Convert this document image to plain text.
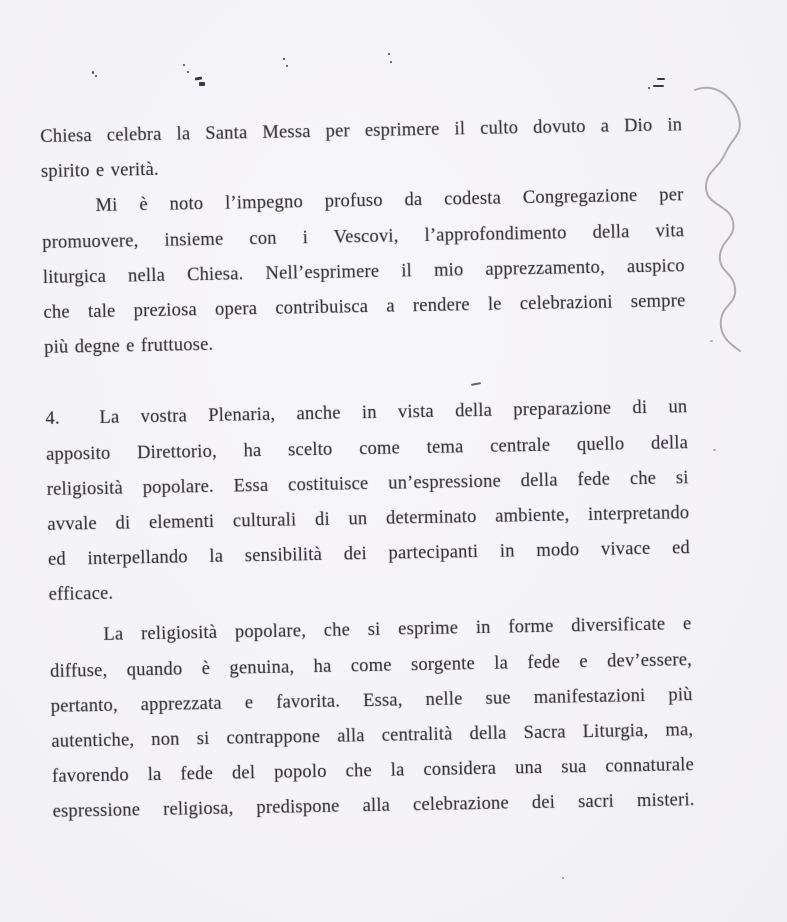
Chiesa celebra la Santa Messa per esprimere il culto dovuto a Dio in
spirito e verità.
Mi è noto l’impegno profuso da codesta Congregazione per
promuovere, insieme con i Vescovi, l’approfondimento della vita
liturgica nella Chiesa. Nell’esprimere il mio apprezzamento, auspico
che tale preziosa opera contribuisca a rendere le celebrazioni sempre
più degne e fruttuose.
4. La vostra Plenaria, anche in vista della preparazione di un
apposito Direttorio, ha scelto come tema centrale quello della
religiosità popolare. Essa costituisce un’espressione della fede che si
avvale di elementi culturali di un determinato ambiente, interpretando
ed interpellando la sensibilità dei partecipanti in modo vivace ed
efficace.
La religiosità popolare, che si esprime in forme diversificate e
diffuse, quando è genuina, ha come sorgente la fede e dev’essere,
pertanto, apprezzata e favorita. Essa, nelle sue manifestazioni più
autentiche, non si contrappone alla centralità della Sacra Liturgia, ma,
favorendo la fede del popolo che la considera una sua connaturale
espressione religiosa, predispone alla celebrazione dei sacri misteri.
